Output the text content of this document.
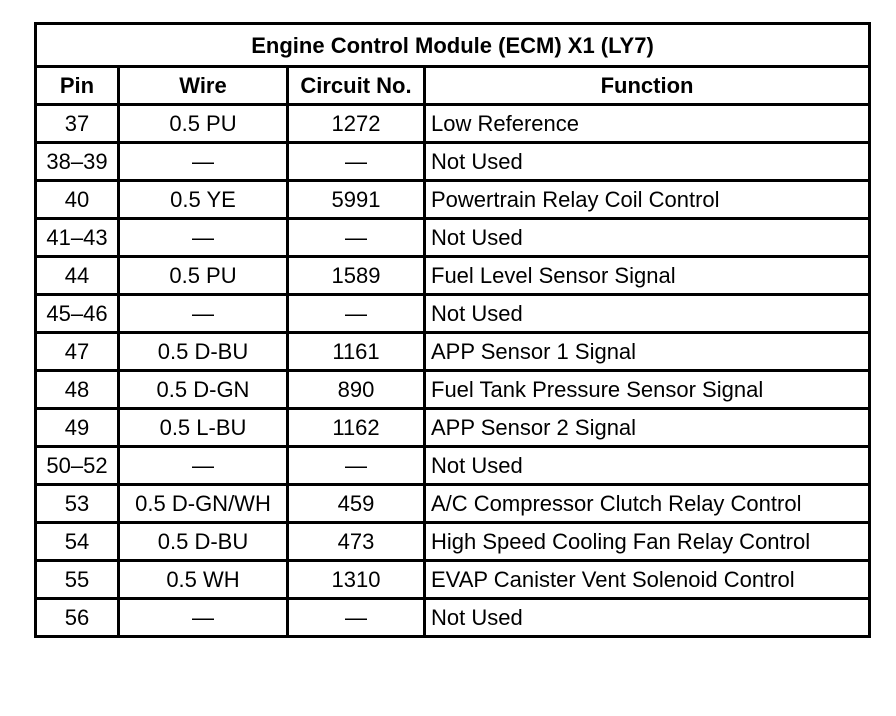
Engine Control Module (ECM) X1 (LY7)			
Pin	Wire	Circuit No.	Function
37	0.5 PU	1272	Low Reference
38–39	—	—	Not Used
40	0.5 YE	5991	Powertrain Relay Coil Control
41–43	—	—	Not Used
44	0.5 PU	1589	Fuel Level Sensor Signal
45–46	—	—	Not Used
47	0.5 D-BU	1161	APP Sensor 1 Signal
48	0.5 D-GN	890	Fuel Tank Pressure Sensor Signal
49	0.5 L-BU	1162	APP Sensor 2 Signal
50–52	—	—	Not Used
53	0.5 D-GN/WH	459	A/C Compressor Clutch Relay Control
54	0.5 D-BU	473	High Speed Cooling Fan Relay Control
55	0.5 WH	1310	EVAP Canister Vent Solenoid Control
56	—	—	Not Used
